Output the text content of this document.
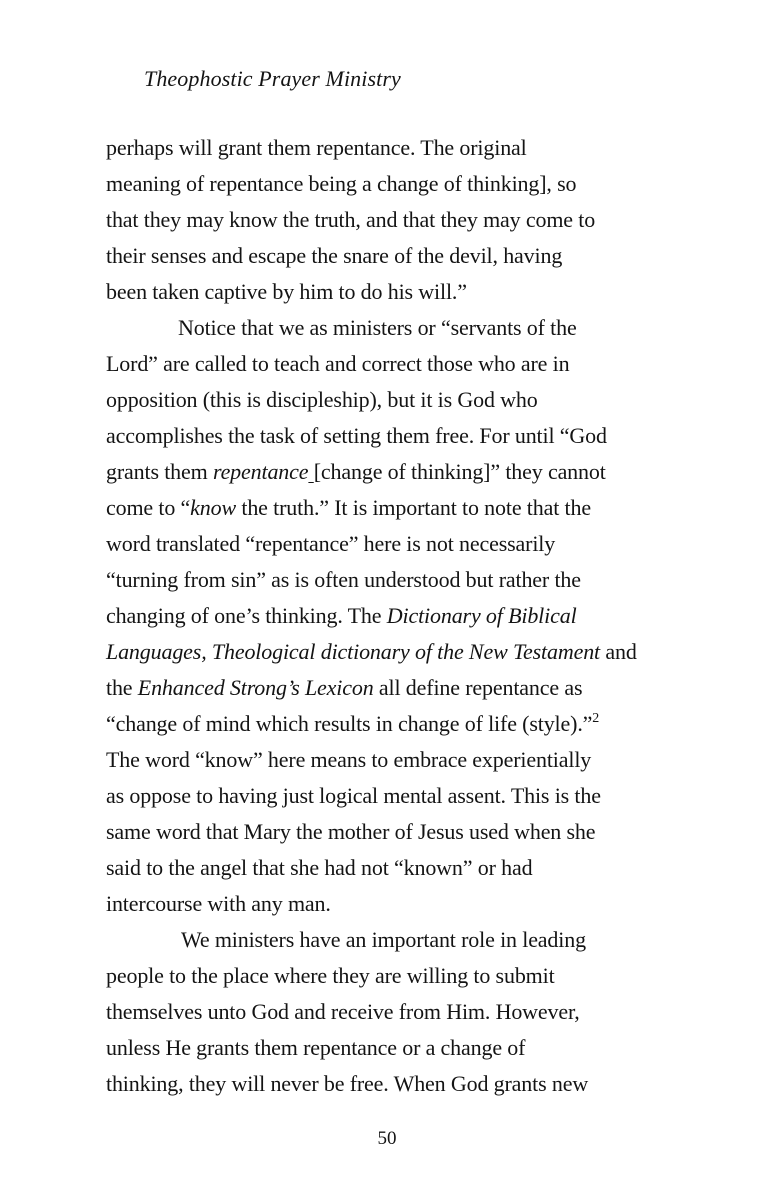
Theophostic Prayer Ministry
perhaps will grant them repentance. The original
meaning of repentance being a change of thinking], so
that they may know the truth, and that they may come to
their senses and escape the snare of the devil, having
been taken captive by him to do his will.”
Notice that we as ministers or “servants of the
Lord” are called to teach and correct those who are in
opposition (this is discipleship), but it is God who
accomplishes the task of setting them free. For until “God
grants them repentance [change of thinking]” they cannot
come to “know the truth.” It is important to note that the
word translated “repentance” here is not necessarily
“turning from sin” as is often understood but rather the
changing of one’s thinking. The Dictionary of Biblical
Languages, Theological dictionary of the New Testament and
the Enhanced Strong’s Lexicon all define repentance as
“change of mind which results in change of life (style).”$^2$
The word “know” here means to embrace experientially
as oppose to having just logical mental assent. This is the
same word that Mary the mother of Jesus used when she
said to the angel that she had not “known” or had
intercourse with any man.
We ministers have an important role in leading
people to the place where they are willing to submit
themselves unto God and receive from Him. However,
unless He grants them repentance or a change of
thinking, they will never be free. When God grants new
50
